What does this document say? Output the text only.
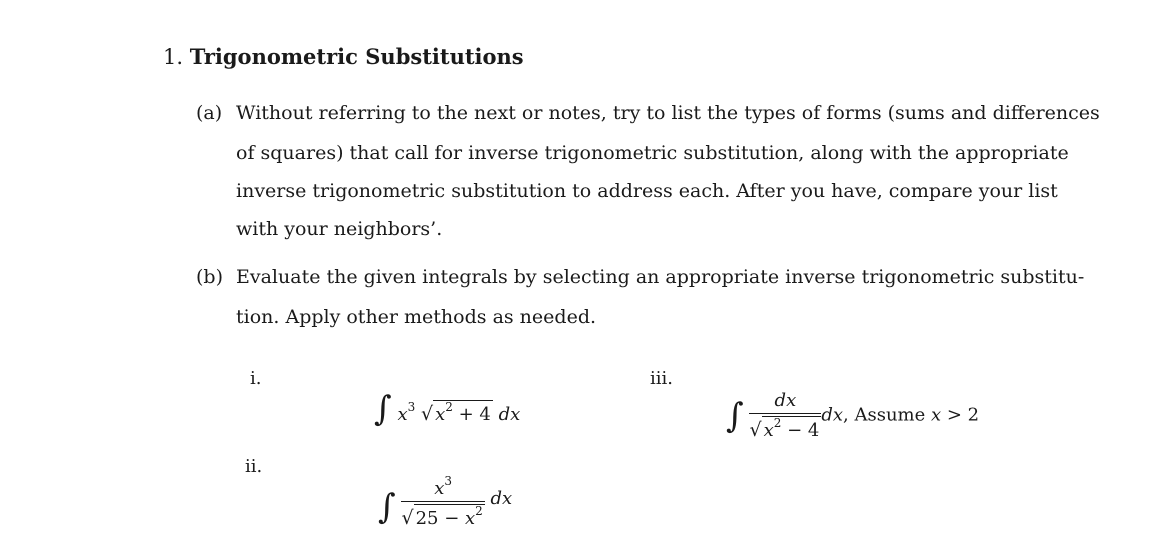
1. Trigonometric Substitutions
(a) Without referring to the next or notes, try to list the types of forms (sums and differences
of squares) that call for inverse trigonometric substitution, along with the appropriate
inverse trigonometric substitution to address each. After you have, compare your list
with your neighbors’.
(b) Evaluate the given integrals by selecting an appropriate inverse trigonometric substitu-
tion. Apply other methods as needed.
i.
∫ $x^3$ √ $x^2 + 4$ dx
ii.
∫ $\frac{x^3}{√ 25 - x^2}$ dx
iii.
∫ $\frac{dx}{√ x^2 - 4}$ dx, Assume x > 2
